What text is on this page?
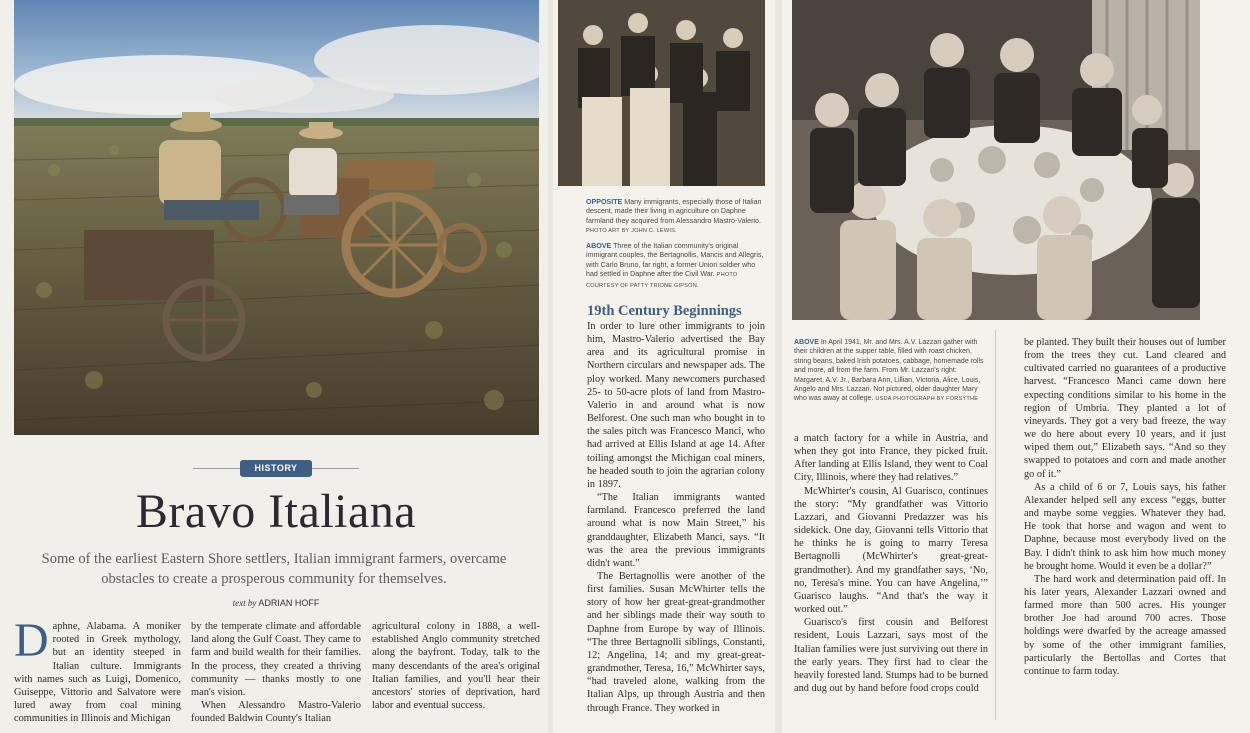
HISTORY
Bravo Italiana
Some of the earliest Eastern Shore settlers, Italian immigrant farmers, overcame obstacles to create a prosperous community for themselves.
text by ADRIAN HOFF
D aphne, Alabama. A moniker rooted in Greek mythology, but an identity steeped in Italian culture. Immigrants with names such as Luigi, Domenico, Guiseppe, Vittorio and Salvatore were lured away from coal mining communities in Illinois and Michigan

by the temperate climate and affordable land along the Gulf Coast. They came to farm and build wealth for their families. In the process, they created a thriving community — thanks mostly to one man's vision.

When Alessandro Mastro-Valerio founded Baldwin County's Italian

agricultural colony in 1888, a well-established Anglo community stretched along the bayfront. Today, talk to the many descendants of the area's original Italian families, and you'll hear their ancestors' stories of deprivation, hard labor and eventual success.

OPPOSITE Many immigrants, especially those of Italian descent, made their living in agriculture on Daphne farmland they acquired from Alessandro Mastro-Valerio. PHOTO ART BY JOHN C. LEWIS.
ABOVE Three of the Italian community's original immigrant couples, the Bertagnollis, Mancis and Allegris, with Carlo Bruno, far right, a former Union soldier who had settled in Daphne after the Civil War. PHOTO COURTESY OF PATTY TRIONE GIPSON.
19th Century Beginnings

In order to lure other immigrants to join him, Mastro-Valerio advertised the Bay area and its agricultural promise in Northern circulars and newspaper ads. The ploy worked. Many newcomers purchased 25- to 50-acre plots of land from Mastro-Valerio in and around what is now Belforest. One such man who bought in to the sales pitch was Francesco Manci, who had arrived at Ellis Island at age 14. After toiling amongst the Michigan coal miners, he headed south to join the agrarian colony in 1897.

“The Italian immigrants wanted farmland. Francesco preferred the land around what is now Main Street,” his granddaughter, Elizabeth Manci, says. “It was the area the previous immigrants didn't want.”

The Bertagnollis were another of the first families. Susan McWhirter tells the story of how her great-great-grandmother and her siblings made their way south to Daphne from Europe by way of Illinois. “The three Bertagnolli siblings, Constanti, 12; Angelina, 14; and my great-great-grandmother, Teresa, 16,” McWhirter says, “had traveled alone, walking from the Italian Alps, up through Austria and then through France. They worked in

ABOVE In April 1941, Mr. and Mrs. A.V. Lazzari gather with their children at the supper table, filled with roast chicken, string beans, baked Irish potatoes, cabbage, homemade rolls and more, all from the farm. From Mr. Lazzari's right: Margaret, A.V. Jr., Barbara Ann, Lillian, Victoria, Alice, Louis, Angelo and Mrs. Lazzari. Not pictured, older daughter Mary who was away at college. USDA PHOTOGRAPH BY FORSYTHE

a match factory for a while in Austria, and when they got into France, they picked fruit. After landing at Ellis Island, they went to Coal City, Illinois, where they had relatives.”

McWhirter's cousin, Al Guarisco, continues the story: “My grandfather was Vittorio Lazzari, and Giovanni Predazzer was his sidekick. One day, Giovanni tells Vittorio that he thinks he is going to marry Teresa Bertagnolli (McWhirter's great-great-grandmother). And my grandfather says, ‘No, no, Teresa's mine. You can have Angelina,’” Guarisco laughs. “And that's the way it worked out.”

Guarisco's first cousin and Belforest resident, Louis Lazzari, says most of the Italian families were just surviving out there in the early years. They first had to clear the heavily forested land. Stumps had to be burned and dug out by hand before food crops could

be planted. They built their houses out of lumber from the trees they cut. Land cleared and cultivated carried no guarantees of a productive harvest. “Francesco Manci came down here expecting conditions similar to his home in the region of Umbria. They planted a lot of vineyards. They got a very bad freeze, the way we do here about every 10 years, and it just wiped them out,” Elizabeth says. “And so they swapped to potatoes and corn and made another go of it.”

As a child of 6 or 7, Louis says, his father Alexander helped sell any excess “eggs, butter and maybe some veggies. Whatever they had. He took that horse and wagon and went to Daphne, because most everybody lived on the Bay. I didn't think to ask him how much money he brought home. Would it even be a dollar?”

The hard work and determination paid off. In his later years, Alexander Lazzari owned and farmed more than 500 acres. His younger brother Joe had around 700 acres. Those holdings were dwarfed by the acreage amassed by some of the other immigrant families, particularly the Bertollas and Cortes that continue to farm today.
